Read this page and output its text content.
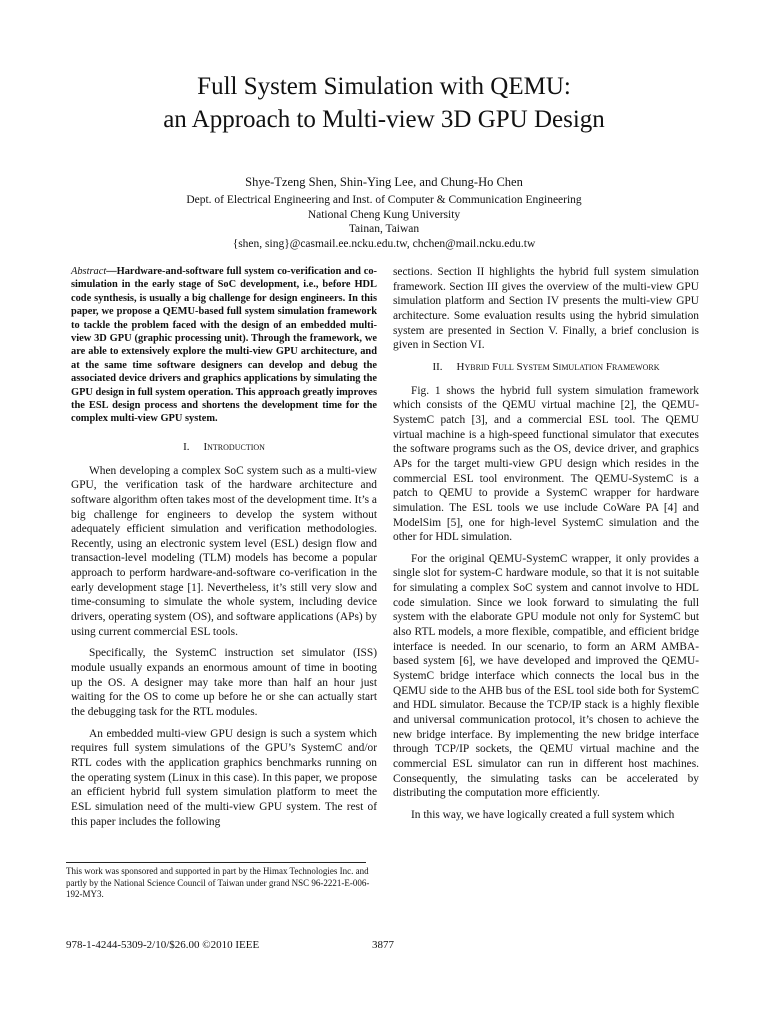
Full System Simulation with QEMU:
an Approach to Multi-view 3D GPU Design
Shye-Tzeng Shen, Shin-Ying Lee, and Chung-Ho Chen
Dept. of Electrical Engineering and Inst. of Computer & Communication Engineering
National Cheng Kung University
Tainan, Taiwan
{shen, sing}@casmail.ee.ncku.edu.tw, chchen@mail.ncku.edu.tw

Abstract—Hardware-and-software full system co-verification and co-simulation in the early stage of SoC development, i.e., before HDL code synthesis, is usually a big challenge for design engineers. In this paper, we propose a QEMU-based full system simulation framework to tackle the problem faced with the design of an embedded multi-view 3D GPU (graphic processing unit). Through the framework, we are able to extensively explore the multi-view GPU architecture, and at the same time software designers can develop and debug the associated device drivers and graphics applications by simulating the GPU design in full system operation. This approach greatly improves the ESL design process and shortens the development time for the complex multi-view GPU system.

I. Introduction

When developing a complex SoC system such as a multi-view GPU, the verification task of the hardware architecture and software algorithm often takes most of the development time. It’s a big challenge for engineers to develop the system without adequately efficient simulation and verification methodologies. Recently, using an electronic system level (ESL) design flow and transaction-level modeling (TLM) models has become a popular approach to perform hardware-and-software co-verification in the early development stage [1]. Nevertheless, it’s still very slow and time-consuming to simulate the whole system, including device drivers, operating system (OS), and software applications (APs) by using current commercial ESL tools.

Specifically, the SystemC instruction set simulator (ISS) module usually expands an enormous amount of time in booting up the OS. A designer may take more than half an hour just waiting for the OS to come up before he or she can actually start the debugging task for the RTL modules.

An embedded multi-view GPU design is such a system which requires full system simulations of the GPU’s SystemC and/or RTL codes with the application graphics benchmarks running on the operating system (Linux in this case). In this paper, we propose an efficient hybrid full system simulation platform to meet the ESL simulation need of the multi-view GPU system. The rest of this paper includes the following

sections. Section II highlights the hybrid full system simulation framework. Section III gives the overview of the multi-view GPU simulation platform and Section IV presents the multi-view GPU architecture. Some evaluation results using the hybrid simulation system are presented in Section V. Finally, a brief conclusion is given in Section VI.

II. Hybrid Full System Simulation Framework

Fig. 1 shows the hybrid full system simulation framework which consists of the QEMU virtual machine [2], the QEMU-SystemC patch [3], and a commercial ESL tool. The QEMU virtual machine is a high-speed functional simulator that executes the software programs such as the OS, device driver, and graphics APs for the target multi-view GPU design which resides in the commercial ESL tool environment. The QEMU-SystemC is a patch to QEMU to provide a SystemC wrapper for hardware simulation. The ESL tools we use include CoWare PA [4] and ModelSim [5], one for high-level SystemC simulation and the other for HDL simulation.

For the original QEMU-SystemC wrapper, it only provides a single slot for system-C hardware module, so that it is not suitable for simulating a complex SoC system and cannot involve to HDL code simulation. Since we look forward to simulating the full system with the elaborate GPU module not only for SystemC but also RTL models, a more flexible, compatible, and efficient bridge interface is needed. In our scenario, to form an ARM AMBA-based system [6], we have developed and improved the QEMU-SystemC bridge interface which connects the local bus in the QEMU side to the AHB bus of the ESL tool side both for SystemC and HDL simulator. Because the TCP/IP stack is a highly flexible and universal communication protocol, it’s chosen to achieve the new bridge interface. By implementing the new bridge interface through TCP/IP sockets, the QEMU virtual machine and the commercial ESL simulator can run in different host machines. Consequently, the simulating tasks can be accelerated by distributing the computation more efficiently.

In this way, we have logically created a full system which

This work was sponsored and supported in part by the Himax Technologies Inc. and partly by the National Science Council of Taiwan under grand NSC 96-2221-E-006-192-MY3.
978-1-4244-5309-2/10/$26.00 ©2010 IEEE	3877
